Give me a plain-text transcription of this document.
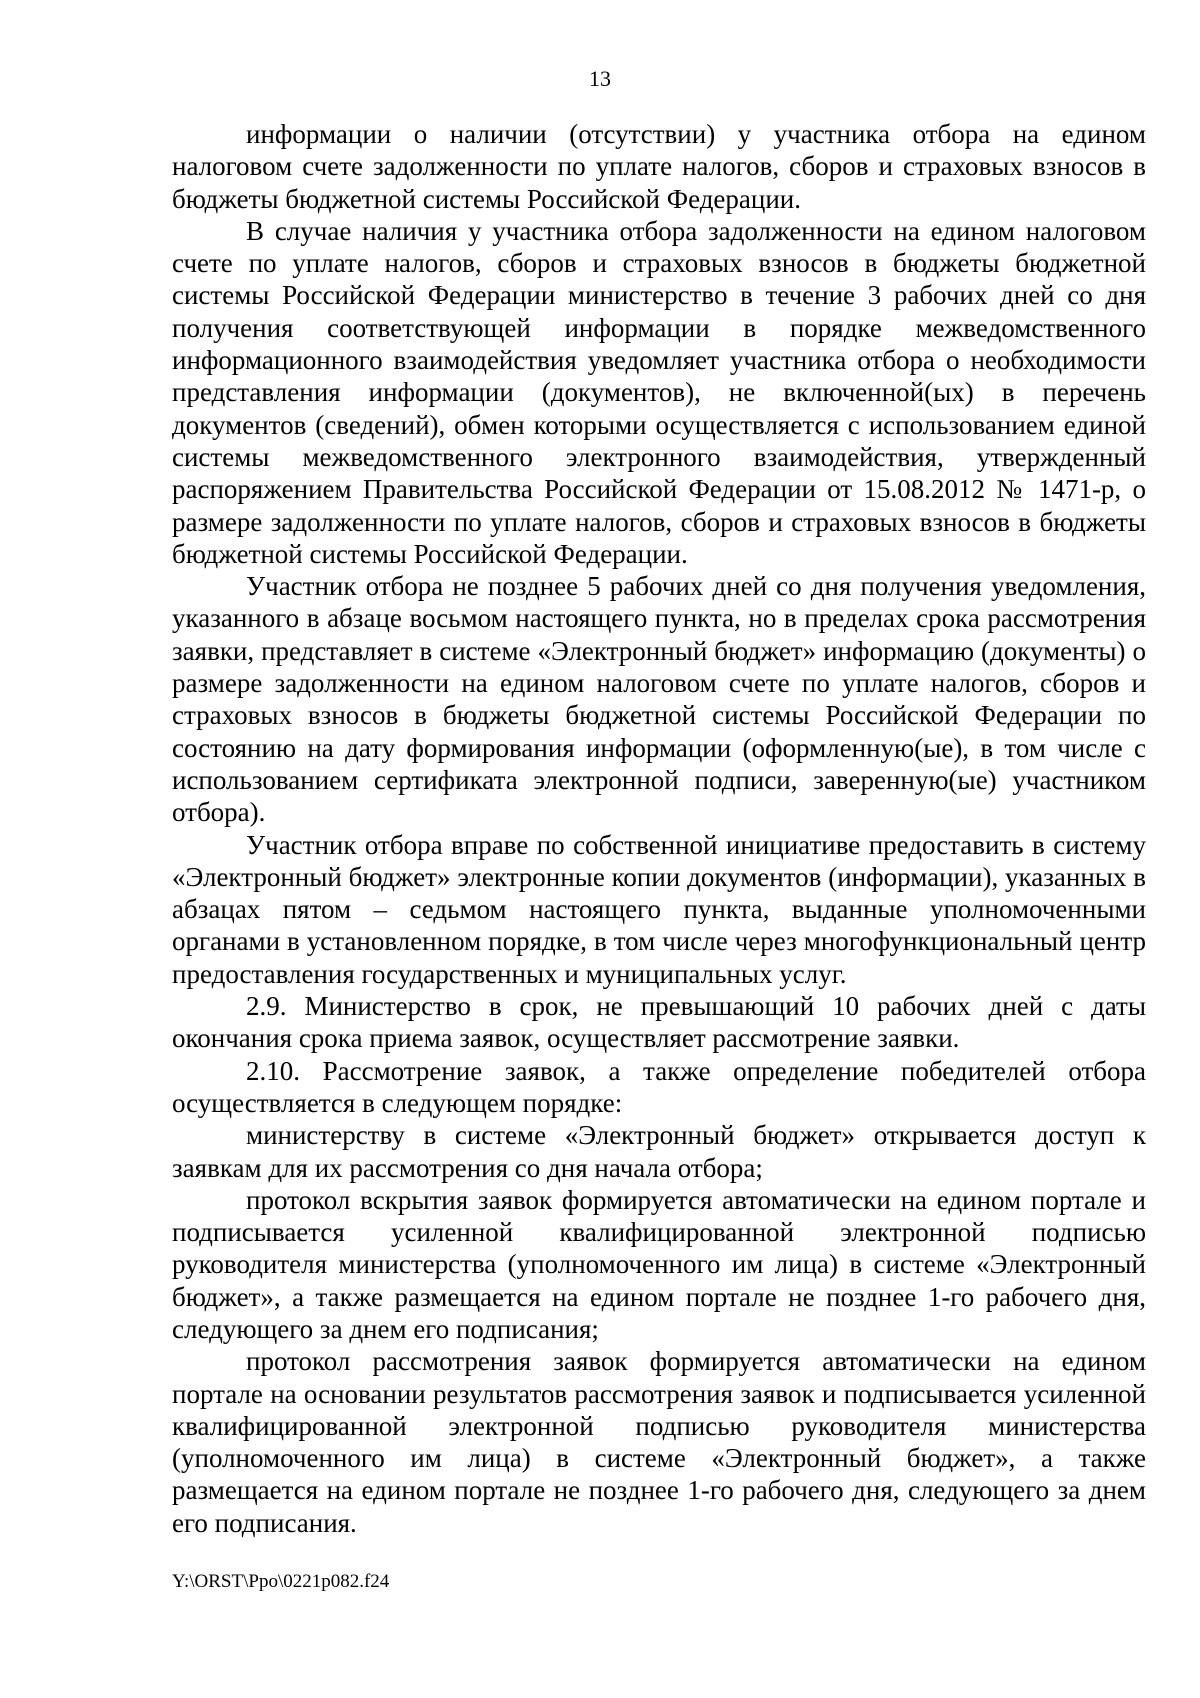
13

информации о наличии (отсутствии) у участника отбора на едином налоговом счете задолженности по уплате налогов, сборов и страховых взносов в бюджеты бюджетной системы Российской Федерации.

В случае наличия у участника отбора задолженности на едином налоговом счете по уплате налогов, сборов и страховых взносов в бюджеты бюджетной системы Российской Федерации министерство в течение 3 рабочих дней со дня получения соответствующей информации в порядке межведомственного информационного взаимодействия уведомляет участника отбора о необходимости представления информации (документов), не включенной(ых) в перечень документов (сведений), обмен которыми осуществляется с использованием единой системы межведомственного электронного взаимодействия, утвержденный распоряжением Правительства Российской Федерации от 15.08.2012 № 1471-р, о размере задолженности по уплате налогов, сборов и страховых взносов в бюджеты бюджетной системы Российской Федерации.

Участник отбора не позднее 5 рабочих дней со дня получения уведомления, указанного в абзаце восьмом настоящего пункта, но в пределах срока рассмотрения заявки, представляет в системе «Электронный бюджет» информацию (документы) о размере задолженности на едином налоговом счете по уплате налогов, сборов и страховых взносов в бюджеты бюджетной системы Российской Федерации по состоянию на дату формирования информации (оформленную(ые), в том числе с использованием сертификата электронной подписи, заверенную(ые) участником отбора).

Участник отбора вправе по собственной инициативе предоставить в систему «Электронный бюджет» электронные копии документов (информации), указанных в абзацах пятом – седьмом настоящего пункта, выданные уполномоченными органами в установленном порядке, в том числе через многофункциональный центр предоставления государственных и муниципальных услуг.

2.9. Министерство в срок, не превышающий 10 рабочих дней с даты окончания срока приема заявок, осуществляет рассмотрение заявки.

2.10. Рассмотрение заявок, а также определение победителей отбора осуществляется в следующем порядке:

министерству в системе «Электронный бюджет» открывается доступ к заявкам для их рассмотрения со дня начала отбора;

протокол вскрытия заявок формируется автоматически на едином портале и подписывается усиленной квалифицированной электронной подписью руководителя министерства (уполномоченного им лица) в системе «Электронный бюджет», а также размещается на едином портале не позднее 1-го рабочего дня, следующего за днем его подписания;

протокол рассмотрения заявок формируется автоматически на едином портале на основании результатов рассмотрения заявок и подписывается усиленной квалифицированной электронной подписью руководителя министерства (уполномоченного им лица) в системе «Электронный бюджет», а также размещается на едином портале не позднее 1-го рабочего дня, следующего за днем его подписания.

Y:\ORST\Ppo\0221p082.f24
